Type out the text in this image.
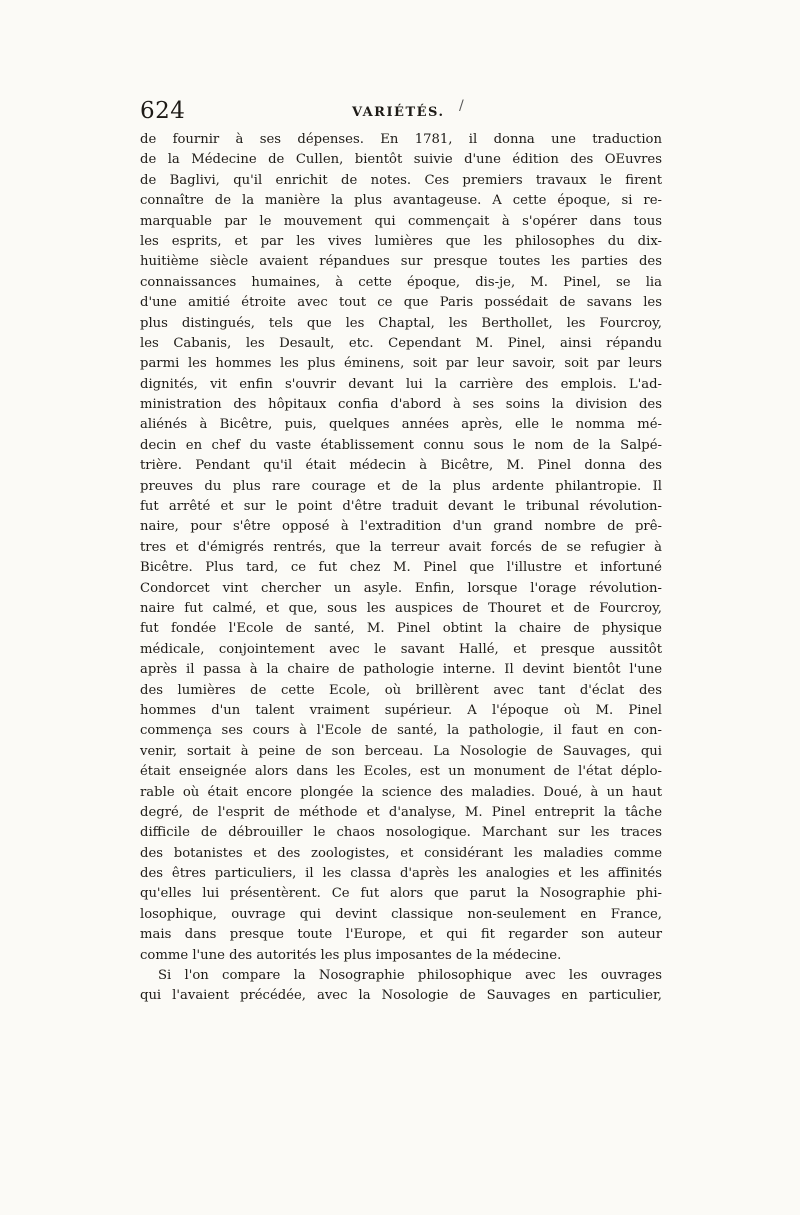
624	VARIÉTÉS. /
de fournir à ses dépenses. En 1781, il donna une traduction
de la Médecine de Cullen, bientôt suivie d'une édition des OEuvres
de Baglivi, qu'il enrichit de notes. Ces premiers travaux le firent
connaître de la manière la plus avantageuse. A cette époque, si re-
marquable par le mouvement qui commençait à s'opérer dans tous
les esprits, et par les vives lumières que les philosophes du dix-
huitième siècle avaient répandues sur presque toutes les parties des
connaissances humaines, à cette époque, dis-je, M. Pinel, se lia
d'une amitié étroite avec tout ce que Paris possédait de savans les
plus distingués, tels que les Chaptal, les Berthollet, les Fourcroy,
les Cabanis, les Desault, etc. Cependant M. Pinel, ainsi répandu
parmi les hommes les plus éminens, soit par leur savoir, soit par leurs
dignités, vit enfin s'ouvrir devant lui la carrière des emplois. L'ad-
ministration des hôpitaux confia d'abord à ses soins la division des
aliénés à Bicêtre, puis, quelques années après, elle le nomma mé-
decin en chef du vaste établissement connu sous le nom de la Salpé-
trière. Pendant qu'il était médecin à Bicêtre, M. Pinel donna des
preuves du plus rare courage et de la plus ardente philantropie. Il
fut arrêté et sur le point d'être traduit devant le tribunal révolution-
naire, pour s'être opposé à l'extradition d'un grand nombre de prê-
tres et d'émigrés rentrés, que la terreur avait forcés de se refugier à
Bicêtre. Plus tard, ce fut chez M. Pinel que l'illustre et infortuné
Condorcet vint chercher un asyle. Enfin, lorsque l'orage révolution-
naire fut calmé, et que, sous les auspices de Thouret et de Fourcroy,
fut fondée l'Ecole de santé, M. Pinel obtint la chaire de physique
médicale, conjointement avec le savant Hallé, et presque aussitôt
après il passa à la chaire de pathologie interne. Il devint bientôt l'une
des lumières de cette Ecole, où brillèrent avec tant d'éclat des
hommes d'un talent vraiment supérieur. A l'époque où M. Pinel
commença ses cours à l'Ecole de santé, la pathologie, il faut en con-
venir, sortait à peine de son berceau. La Nosologie de Sauvages, qui
était enseignée alors dans les Ecoles, est un monument de l'état déplo-
rable où était encore plongée la science des maladies. Doué, à un haut
degré, de l'esprit de méthode et d'analyse, M. Pinel entreprit la tâche
difficile de débrouiller le chaos nosologique. Marchant sur les traces
des botanistes et des zoologistes, et considérant les maladies comme
des êtres particuliers, il les classa d'après les analogies et les affinités
qu'elles lui présentèrent. Ce fut alors que parut la Nosographie phi-
losophique, ouvrage qui devint classique non-seulement en France,
mais dans presque toute l'Europe, et qui fit regarder son auteur
comme l'une des autorités les plus imposantes de la médecine.
Si l'on compare la Nosographie philosophique avec les ouvrages
qui l'avaient précédée, avec la Nosologie de Sauvages en particulier,
